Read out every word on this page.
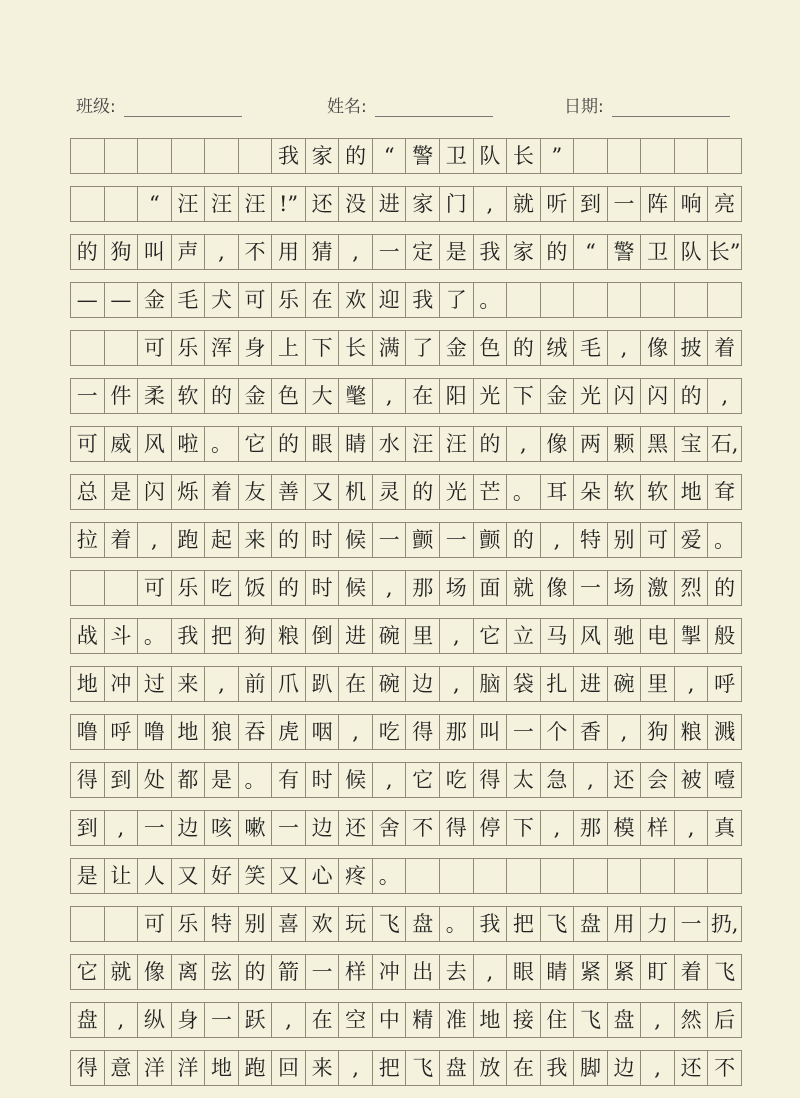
班级:	姓名:	日期:
我 家 的 “ 警 卫 队 长 ”
“ 汪 汪 汪 !” 还 没 进 家 门 , 就 听 到 一 阵 响 亮
的 狗 叫 声 , 不 用 猜 , 一 定 是 我 家 的 “ 警 卫 队 长”
— — 金 毛 犬 可 乐 在 欢 迎 我 了 。
可 乐 浑 身 上 下 长 满 了 金 色 的 绒 毛 , 像 披 着
一 件 柔 软 的 金 色 大 氅 , 在 阳 光 下 金 光 闪 闪 的 ,
可 威 风 啦 。 它 的 眼 睛 水 汪 汪 的 , 像 两 颗 黑 宝 石,
总 是 闪 烁 着 友 善 又 机 灵 的 光 芒 。 耳 朵 软 软 地 耷
拉 着 , 跑 起 来 的 时 候 一 颤 一 颤 的 , 特 别 可 爱 。
可 乐 吃 饭 的 时 候 , 那 场 面 就 像 一 场 激 烈 的
战 斗 。 我 把 狗 粮 倒 进 碗 里 , 它 立 马 风 驰 电 掣 般
地 冲 过 来 , 前 爪 趴 在 碗 边 , 脑 袋 扎 进 碗 里 , 呼
噜 呼 噜 地 狼 吞 虎 咽 , 吃 得 那 叫 一 个 香 , 狗 粮 溅
得 到 处 都 是 。 有 时 候 , 它 吃 得 太 急 , 还 会 被 噎
到 , 一 边 咳 嗽 一 边 还 舍 不 得 停 下 , 那 模 样 , 真
是 让 人 又 好 笑 又 心 疼 。
可 乐 特 别 喜 欢 玩 飞 盘 。 我 把 飞 盘 用 力 一 扔,
它 就 像 离 弦 的 箭 一 样 冲 出 去 , 眼 睛 紧 紧 盯 着 飞
盘 , 纵 身 一 跃 , 在 空 中 精 准 地 接 住 飞 盘 , 然 后
得 意 洋 洋 地 跑 回 来 , 把 飞 盘 放 在 我 脚 边 , 还 不
